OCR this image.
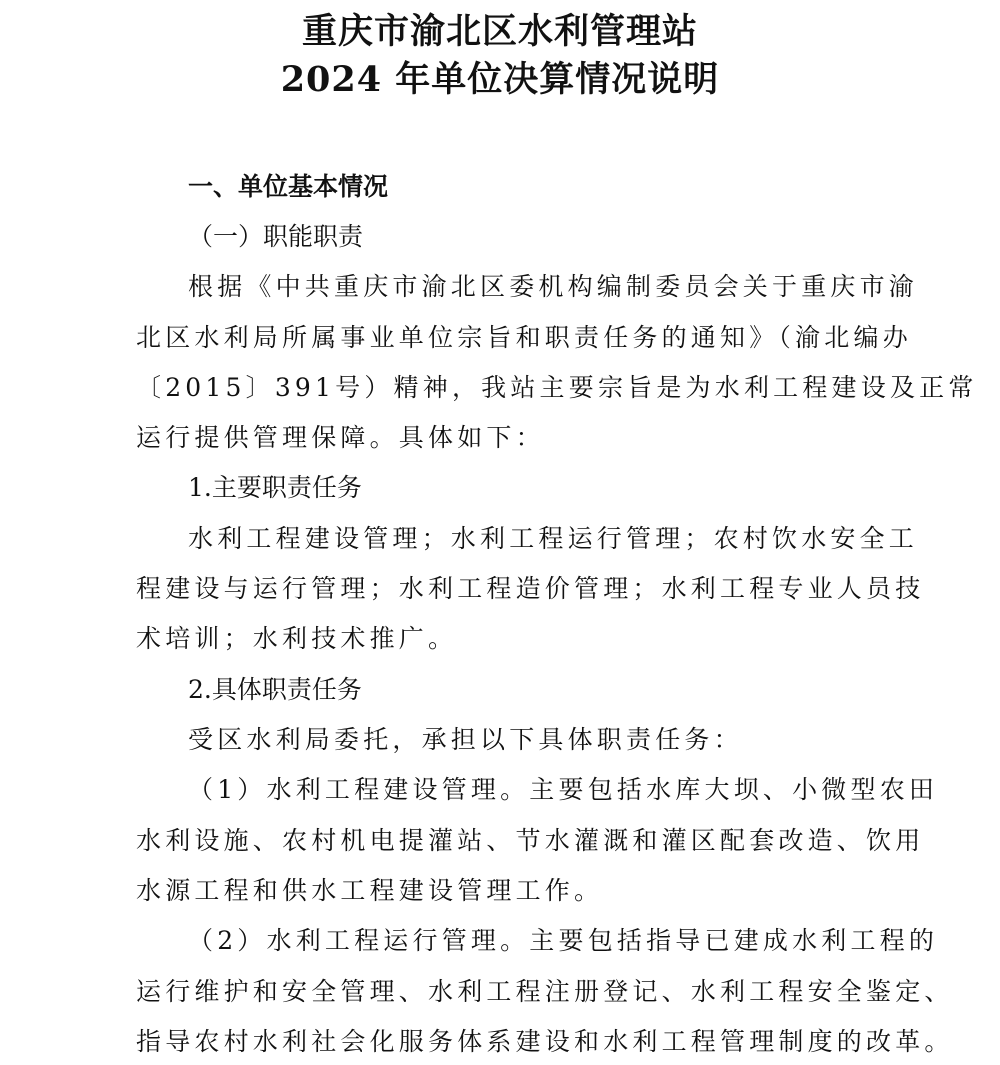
重庆市渝北区水利管理站
2024 年单位决算情况说明
一、单位基本情况
（一）职能职责
根据《中共重庆市渝北区委机构编制委员会关于重庆市渝
北区水利局所属事业单位宗旨和职责任务的通知》（渝北编办
〔2015〕391号）精神，我站主要宗旨是为水利工程建设及正常
运行提供管理保障。具体如下：
1.主要职责任务
水利工程建设管理；水利工程运行管理；农村饮水安全工
程建设与运行管理；水利工程造价管理；水利工程专业人员技
术培训；水利技术推广。
2.具体职责任务
受区水利局委托，承担以下具体职责任务：
（1）水利工程建设管理。主要包括水库大坝、小微型农田
水利设施、农村机电提灌站、节水灌溉和灌区配套改造、饮用
水源工程和供水工程建设管理工作。
（2）水利工程运行管理。主要包括指导已建成水利工程的
运行维护和安全管理、水利工程注册登记、水利工程安全鉴定、
指导农村水利社会化服务体系建设和水利工程管理制度的改革。
